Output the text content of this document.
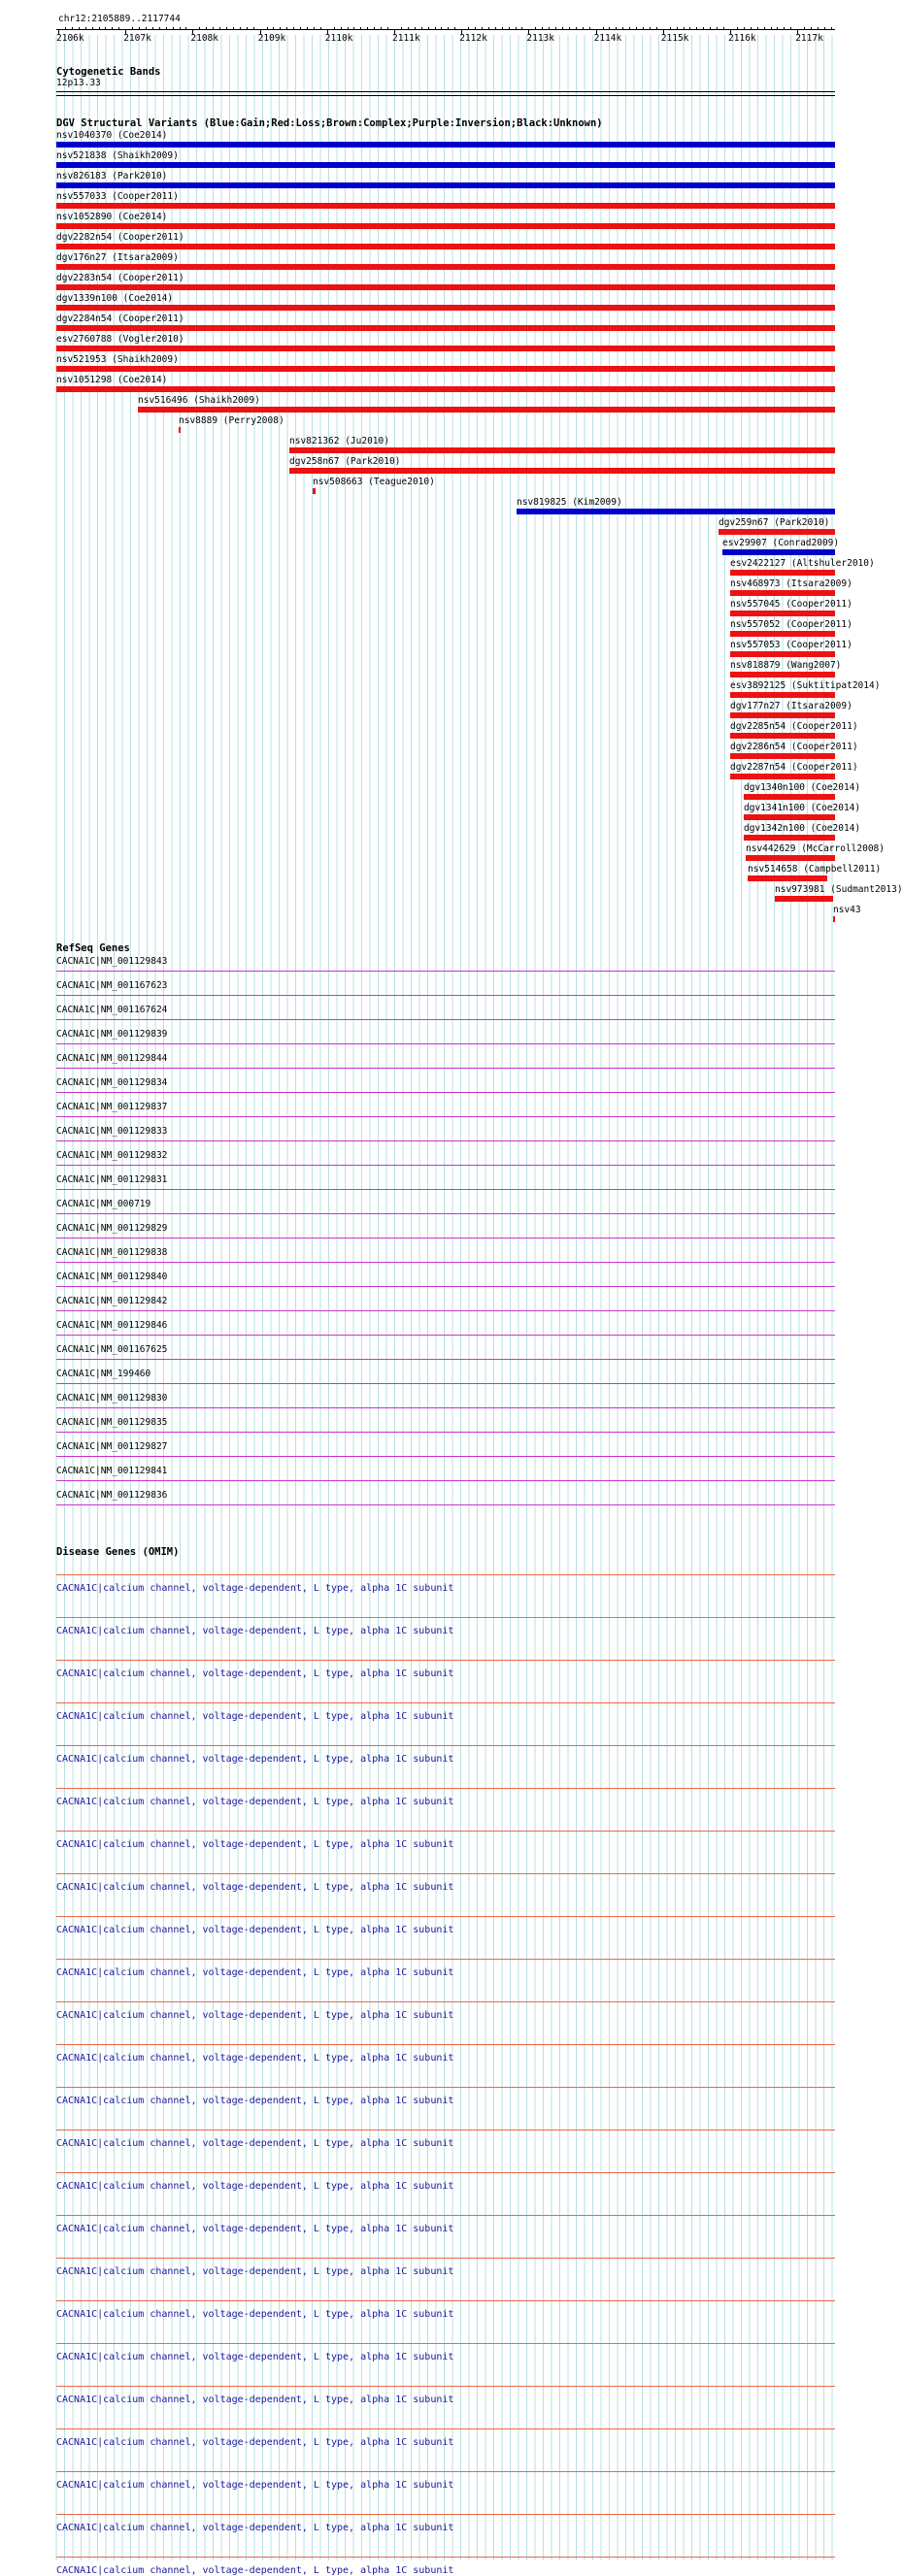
chr12:2105889..2117744
2106k	2107k	2108k	2109k	2110k	2111k	2112k	2113k	2114k	2115k	2116k	2117k
Cytogenetic Bands
12p13.33
DGV Structural Variants (Blue:Gain;Red:Loss;Brown:Complex;Purple:Inversion;Black:Unknown)
nsv1040370 (Coe2014)
nsv521838 (Shaikh2009)
nsv826183 (Park2010)
nsv557033 (Cooper2011)
nsv1052890 (Coe2014)
dgv2282n54 (Cooper2011)
dgv176n27 (Itsara2009)
dgv2283n54 (Cooper2011)
dgv1339n100 (Coe2014)
dgv2284n54 (Cooper2011)
esv2760788 (Vogler2010)
nsv521953 (Shaikh2009)
nsv1051298 (Coe2014)
nsv516496 (Shaikh2009)
nsv8889 (Perry2008)
nsv821362 (Ju2010)
dgv258n67 (Park2010)
nsv508663 (Teague2010)
nsv819825 (Kim2009)
dgv259n67 (Park2010)
esv29907 (Conrad2009)
esv2422127 (Altshuler2010)
nsv468973 (Itsara2009)
nsv557045 (Cooper2011)
nsv557052 (Cooper2011)
nsv557053 (Cooper2011)
nsv818879 (Wang2007)
esv3892125 (Suktitipat2014)
dgv177n27 (Itsara2009)
dgv2285n54 (Cooper2011)
dgv2286n54 (Cooper2011)
dgv2287n54 (Cooper2011)
dgv1340n100 (Coe2014)
dgv1341n100 (Coe2014)
dgv1342n100 (Coe2014)
nsv442629 (McCarroll2008)
nsv514658 (Campbell2011)
nsv973981 (Sudmant2013)
nsv43
RefSeq Genes
CACNA1C|NM_001129843
CACNA1C|NM_001167623
CACNA1C|NM_001167624
CACNA1C|NM_001129839
CACNA1C|NM_001129844
CACNA1C|NM_001129834
CACNA1C|NM_001129837
CACNA1C|NM_001129833
CACNA1C|NM_001129832
CACNA1C|NM_001129831
CACNA1C|NM_000719
CACNA1C|NM_001129829
CACNA1C|NM_001129838
CACNA1C|NM_001129840
CACNA1C|NM_001129842
CACNA1C|NM_001129846
CACNA1C|NM_001167625
CACNA1C|NM_199460
CACNA1C|NM_001129830
CACNA1C|NM_001129835
CACNA1C|NM_001129827
CACNA1C|NM_001129841
CACNA1C|NM_001129836
Disease Genes (OMIM)
CACNA1C|calcium channel, voltage-dependent, L type, alpha 1C subunit
CACNA1C|calcium channel, voltage-dependent, L type, alpha 1C subunit
CACNA1C|calcium channel, voltage-dependent, L type, alpha 1C subunit
CACNA1C|calcium channel, voltage-dependent, L type, alpha 1C subunit
CACNA1C|calcium channel, voltage-dependent, L type, alpha 1C subunit
CACNA1C|calcium channel, voltage-dependent, L type, alpha 1C subunit
CACNA1C|calcium channel, voltage-dependent, L type, alpha 1C subunit
CACNA1C|calcium channel, voltage-dependent, L type, alpha 1C subunit
CACNA1C|calcium channel, voltage-dependent, L type, alpha 1C subunit
CACNA1C|calcium channel, voltage-dependent, L type, alpha 1C subunit
CACNA1C|calcium channel, voltage-dependent, L type, alpha 1C subunit
CACNA1C|calcium channel, voltage-dependent, L type, alpha 1C subunit
CACNA1C|calcium channel, voltage-dependent, L type, alpha 1C subunit
CACNA1C|calcium channel, voltage-dependent, L type, alpha 1C subunit
CACNA1C|calcium channel, voltage-dependent, L type, alpha 1C subunit
CACNA1C|calcium channel, voltage-dependent, L type, alpha 1C subunit
CACNA1C|calcium channel, voltage-dependent, L type, alpha 1C subunit
CACNA1C|calcium channel, voltage-dependent, L type, alpha 1C subunit
CACNA1C|calcium channel, voltage-dependent, L type, alpha 1C subunit
CACNA1C|calcium channel, voltage-dependent, L type, alpha 1C subunit
CACNA1C|calcium channel, voltage-dependent, L type, alpha 1C subunit
CACNA1C|calcium channel, voltage-dependent, L type, alpha 1C subunit
CACNA1C|calcium channel, voltage-dependent, L type, alpha 1C subunit
CACNA1C|calcium channel, voltage-dependent, L type, alpha 1C subunit
